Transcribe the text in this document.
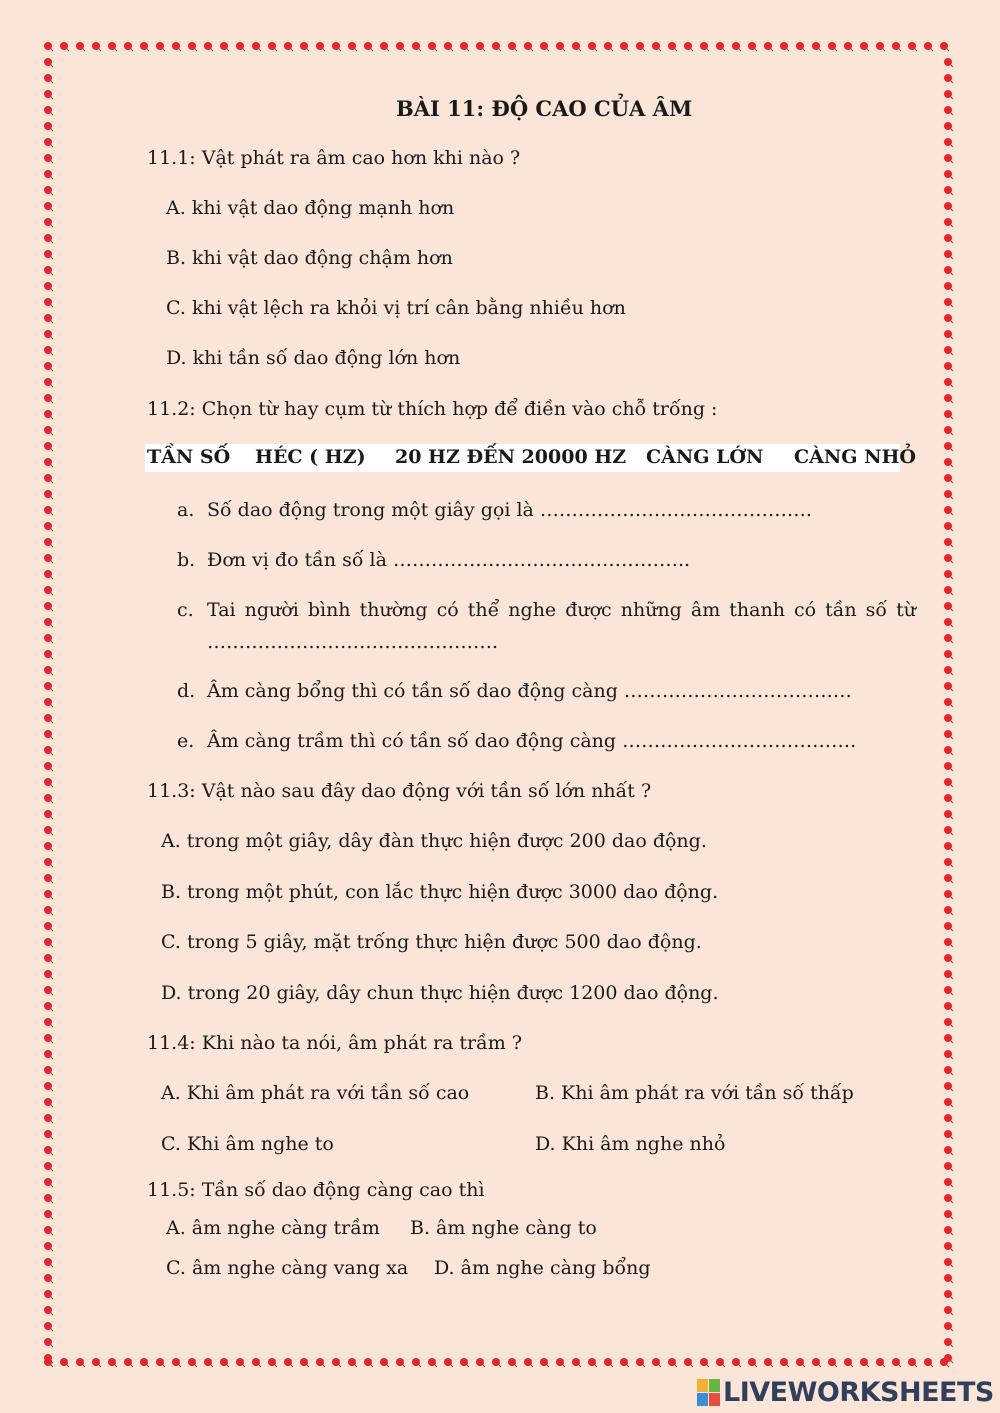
BÀI 11: ĐỘ CAO CỦA ÂM
11.1: Vật phát ra âm cao hơn khi nào ?
A. khi vật dao động mạnh hơn
B. khi vật dao động chậm hơn
C. khi vật lệch ra khỏi vị trí cân bằng nhiều hơn
D. khi tần số dao động lớn hơn
11.2: Chọn từ hay cụm từ thích hợp để điền vào chỗ trống :
TẦN SỐ HÉC ( HZ) 20 HZ ĐẾN 20000 HZ CÀNG LỚN CÀNG NHỎ
a. Số dao động trong một giây gọi là …………………………………….
b. Đơn vị đo tần số là ………………………………………..
c. Tai người bình thường có thể nghe được những âm thanh có tần số từ
……………………………………….
d. Âm càng bổng thì có tần số dao động càng ………………………………
e. Âm càng trầm thì có tần số dao động càng ……………………………….
11.3: Vật nào sau đây dao động với tần số lớn nhất ?
A. trong một giây, dây đàn thực hiện được 200 dao động.
B. trong một phút, con lắc thực hiện được 3000 dao động.
C. trong 5 giây, mặt trống thực hiện được 500 dao động.
D. trong 20 giây, dây chun thực hiện được 1200 dao động.
11.4: Khi nào ta nói, âm phát ra trầm ?
A. Khi âm phát ra với tần số cao	B. Khi âm phát ra với tần số thấp
C. Khi âm nghe to	D. Khi âm nghe nhỏ
11.5: Tần số dao động càng cao thì
A. âm nghe càng trầm B. âm nghe càng to
C. âm nghe càng vang xa D. âm nghe càng bổng
LIVEWORKSHEETS
